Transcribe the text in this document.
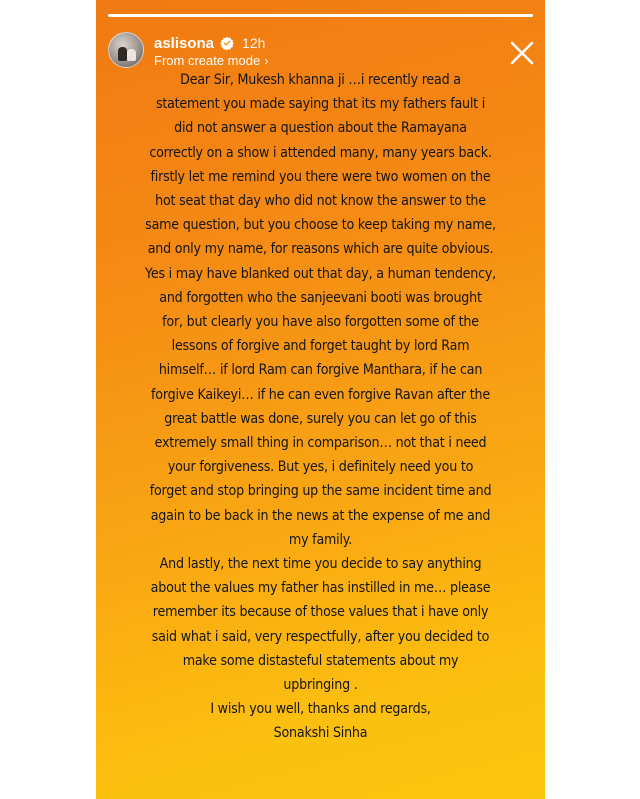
aslisona 12h
From create mode ›

Dear Sir, Mukesh khanna ji …i recently read a

statement you made saying that its my fathers fault i

did not answer a question about the Ramayana

correctly on a show i attended many, many years back.

firstly let me remind you there were two women on the

hot seat that day who did not know the answer to the

same question, but you choose to keep taking my name,

and only my name, for reasons which are quite obvious.

Yes i may have blanked out that day, a human tendency,

and forgotten who the sanjeevani booti was brought

for, but clearly you have also forgotten some of the

lessons of forgive and forget taught by lord Ram

himself… if lord Ram can forgive Manthara, if he can

forgive Kaikeyi… if he can even forgive Ravan after the

great battle was done, surely you can let go of this

extremely small thing in comparison… not that i need

your forgiveness. But yes, i definitely need you to

forget and stop bringing up the same incident time and

again to be back in the news at the expense of me and

my family.

And lastly, the next time you decide to say anything

about the values my father has instilled in me… please

remember its because of those values that i have only

said what i said, very respectfully, after you decided to

make some distasteful statements about my

upbringing .

I wish you well, thanks and regards,

Sonakshi Sinha
